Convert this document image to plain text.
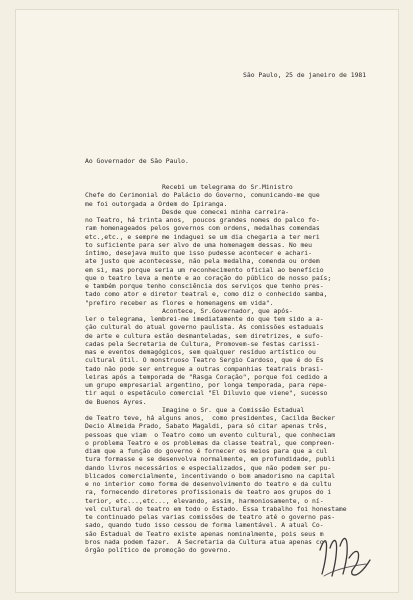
São Paulo, 25 de janeiro de 1981
Ao Governador de São Paulo.
Recebi um telegrama do Sr.Ministro
Chefe do Cerimonial do Palácio do Governo, comunicando-me que
me foi outorgada a Ordem do Ipiranga.
Desde que comecei minha carreira-
no Teatro, há trinta anos,  poucos grandes nomes do palco fo-
ram homenageados pelos governos com ordens, medalhas comendas
etc.,etc., e sempre me indaguei se um dia chegaria a ter meri
to suficiente para ser alvo de uma homenagem dessas. No meu
íntimo, desejava muito que isso pudesse acontecer e achari-
ate justo que acontecesse, não pela medalha, comenda ou ordem
em si, mas porque seria um reconhecimento oficial ao benefício
que o teatro leva a mente e ao coração do público de nosso país;
e também porque tenho consciência dos serviços que tenho pres-
tado como ator e diretor teatral e, como diz o conhecido samba,
"prefiro receber as flores e homenagens em vida".
Acontece, Sr.Governador, que após-
ler o telegrama, lembrei-me imediatamente do que tem sido a a-
ção cultural do atual governo paulista. As comissões estaduais
de arte e cultura estão desmanteladas, sem diretrizes, e sufo-
cadas pela Secretaria de Cultura, Promovem-se festas carissi-
mas e eventos demagógicos, sem qualquer resíduo artístico ou
cultural útil. O monstruoso Teatro Sergio Cardoso, que é do Es
tado não pode ser entregue a outras companhias teatrais brasi-
leiras após a temporada de "Rasga Coração", porque foi cedido a
um grupo empresarial argentino, por longa temporada, para repe-
tir aqui o espetáculo comercial "El Diluvio que viene", sucesso
de Buenos Ayres.
Imagine o Sr. que a Comissão Estadual
de Teatro teve, há alguns anos,  como presidentes, Cacilda Becker
Decio Almeida Prado, Sabato Magaldi, para só citar apenas três,
pessoas que viam  o Teatro como um evento cultural, que conheciam
o problema Teatro e os problemas da classe teatral, que compreen-
diam que a função do governo é fornecer os meios para que a cul
tura formasse e se desenvolva normalmente, em profundidade, publi
dando livros necessários e especializados, que não podem ser pu-
blicados comercialmente, incentivando o bom amadorismo na capital
e no interior como forma de desenvolvimento do teatro e da cultu
ra, fornecendo diretores profissionais de teatro aos grupos do i
terior, etc...,etc..., elevando, assim, harmoniosamente, o ní-
vel cultural do teatro em todo o Estado. Essa trabalho foi honestame
te continuado pelas varias comissões de teatro até o governo pas-
sado, quando tudo isso cessou de forma lamentável. A atual Co-
são Estadual de Teatro existe apenas nominalmente, pois seus m
bros nada podem fazer.  A Secretaria da Cultura atua apenas co-
órgão político de promoção do governo.
